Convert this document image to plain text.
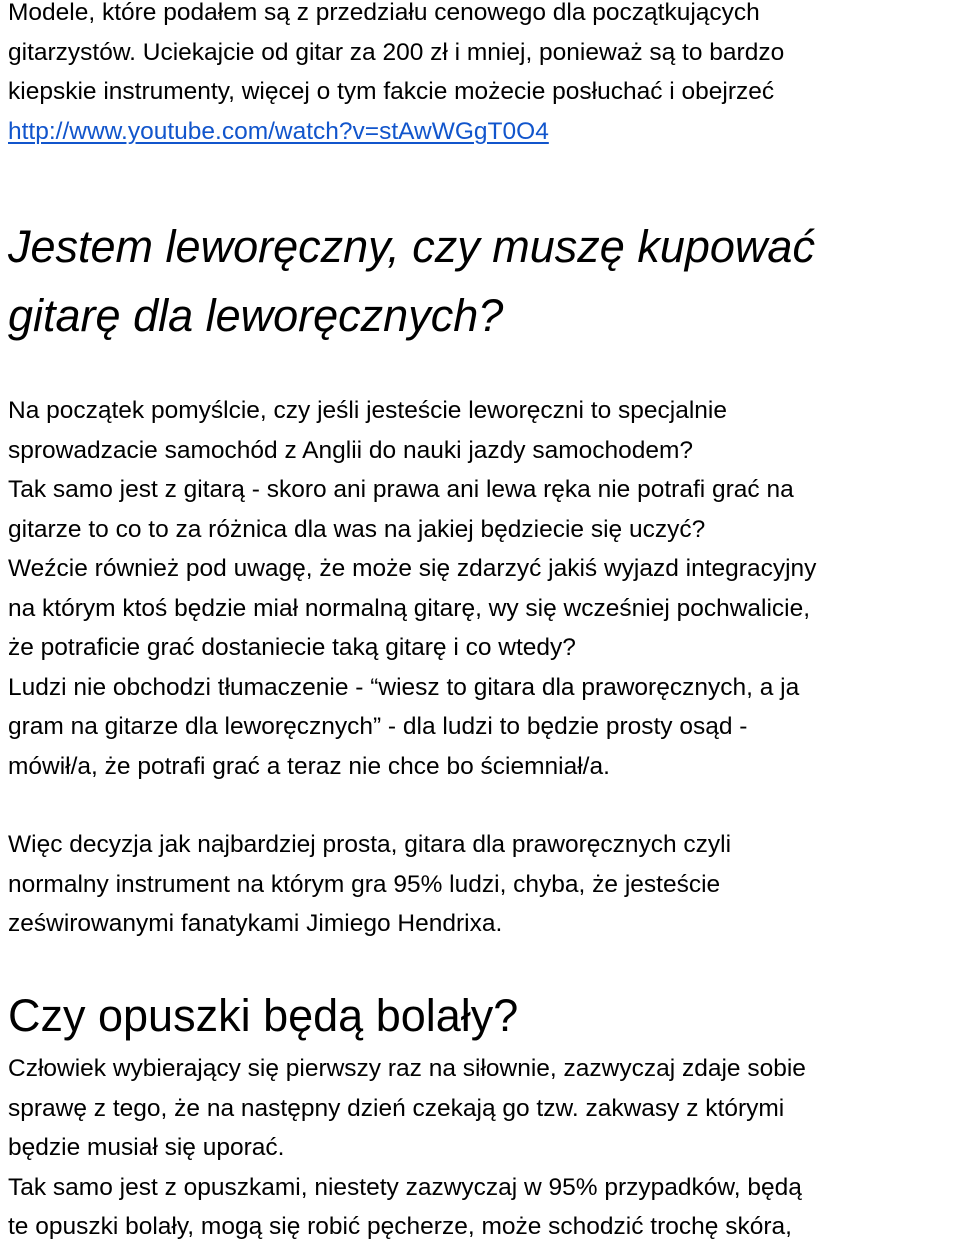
Modele, które podałem są z przedziału cenowego dla początkujących
gitarzystów. Uciekajcie od gitar za 200 zł i mniej, ponieważ są to bardzo
kiepskie instrumenty, więcej o tym fakcie możecie posłuchać i obejrzeć
http://www.youtube.com/watch?v=stAwWGgT0O4
Jestem leworęczny, czy muszę kupować
gitarę dla leworęcznych?
Na początek pomyślcie, czy jeśli jesteście leworęczni to specjalnie
sprowadzacie samochód z Anglii do nauki jazdy samochodem?
Tak samo jest z gitarą - skoro ani prawa ani lewa ręka nie potrafi grać na
gitarze to co to za różnica dla was na jakiej będziecie się uczyć?
Weźcie również pod uwagę, że może się zdarzyć jakiś wyjazd integracyjny
na którym ktoś będzie miał normalną gitarę, wy się wcześniej pochwalicie,
że potraficie grać dostaniecie taką gitarę i co wtedy?
Ludzi nie obchodzi tłumaczenie - “wiesz to gitara dla praworęcznych, a ja
gram na gitarze dla leworęcznych” - dla ludzi to będzie prosty osąd -
mówił/a, że potrafi grać a teraz nie chce bo ściemniał/a.
Więc decyzja jak najbardziej prosta, gitara dla praworęcznych czyli
normalny instrument na którym gra 95% ludzi, chyba, że jesteście
ześwirowanymi fanatykami Jimiego Hendrixa.
Czy opuszki będą bolały?
Człowiek wybierający się pierwszy raz na siłownie, zazwyczaj zdaje sobie
sprawę z tego, że na następny dzień czekają go tzw. zakwasy z którymi
będzie musiał się uporać.
Tak samo jest z opuszkami, niestety zazwyczaj w 95% przypadków, będą
te opuszki bolały, mogą się robić pęcherze, może schodzić trochę skóra,
